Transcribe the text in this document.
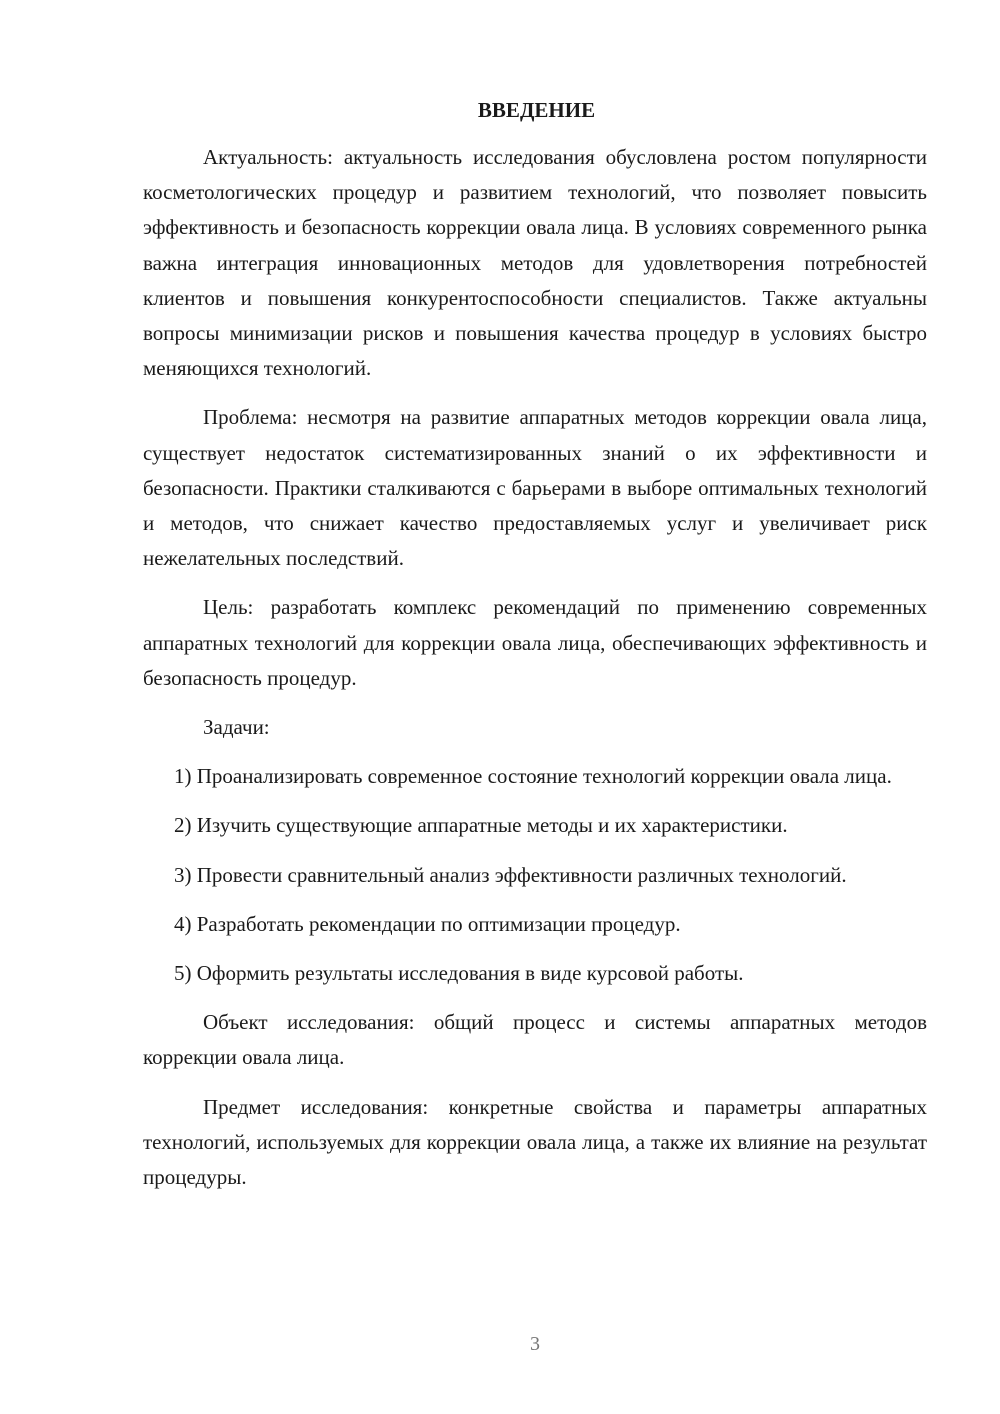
ВВЕДЕНИЕ

Актуальность: актуальность исследования обусловлена ростом популярности косметологических процедур и развитием технологий, что позволяет повысить эффективность и безопасность коррекции овала лица. В условиях современного рынка важна интеграция инновационных методов для удовлетворения потребностей клиентов и повышения конкурентоспособности специалистов. Также актуальны вопросы минимизации рисков и повышения качества процедур в условиях быстро меняющихся технологий.

Проблема: несмотря на развитие аппаратных методов коррекции овала лица, существует недостаток систематизированных знаний о их эффективности и безопасности. Практики сталкиваются с барьерами в выборе оптимальных технологий и методов, что снижает качество предоставляемых услуг и увеличивает риск нежелательных последствий.

Цель: разработать комплекс рекомендаций по применению современных аппаратных технологий для коррекции овала лица, обеспечивающих эффективность и безопасность процедур.

Задачи:

1) Проанализировать современное состояние технологий коррекции овала лица.

2) Изучить существующие аппаратные методы и их характеристики.

3) Провести сравнительный анализ эффективности различных технологий.

4) Разработать рекомендации по оптимизации процедур.

5) Оформить результаты исследования в виде курсовой работы.

Объект исследования: общий процесс и системы аппаратных методов коррекции овала лица.

Предмет исследования: конкретные свойства и параметры аппаратных технологий, используемых для коррекции овала лица, а также их влияние на результат процедуры.

3
